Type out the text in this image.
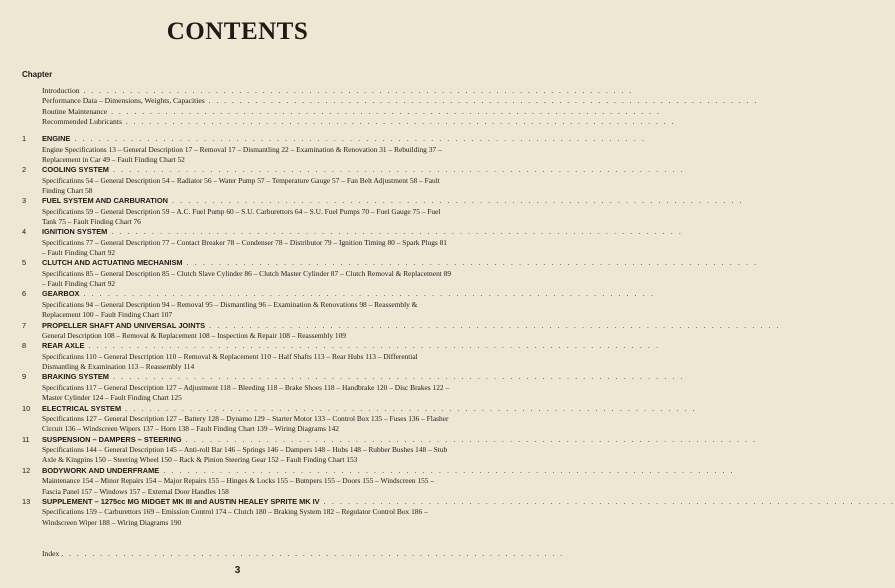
CONTENTS
Chapter
Introduction . . . . . . . . . . . . . . . . . . . . . . . . . . . . . . . . . . . . . . . . . . . . . . . . . . . . . . . . . . . . . . . . . . . . . . .
Performance Data – Dimensions, Weights, Capacities . . . . . . . . . . . . . . . . . . . . . . . . . . . . . . . . . . . . . . . . . . . . . . . . . . . . . . . . . . . . . . . . . . . . . . .
Routine Maintenance . . . . . . . . . . . . . . . . . . . . . . . . . . . . . . . . . . . . . . . . . . . . . . . . . . . . . . . . . . . . . . . . . . . . . . .
Recommended Lubricants . . . . . . . . . . . . . . . . . . . . . . . . . . . . . . . . . . . . . . . . . . . . . . . . . . . . . . . . . . . . . . . . . . . . . . .
1	ENGINE . . . . . . . . . . . . . . . . . . . . . . . . . . . . . . . . . . . . . . . . . . . . . . . . . . . . . . . . . . . . . . . . . . . . . . .
Engine Specifications 13 – General Description 17 – Removal 17 – Dismantling 22 – Examination & Renovation 31 – Rebuilding 37 – Replacement in Car 49 – Fault Finding Chart 52
2	COOLING SYSTEM . . . . . . . . . . . . . . . . . . . . . . . . . . . . . . . . . . . . . . . . . . . . . . . . . . . . . . . . . . . . . . . . . . . . . . .
Specifications 54 – General Description 54 – Radiator 56 – Water Pump 57 – Temperature Gauge 57 – Fan Belt Adjustment 58 – Fault Finding Chart 58
3	FUEL SYSTEM AND CARBURATION . . . . . . . . . . . . . . . . . . . . . . . . . . . . . . . . . . . . . . . . . . . . . . . . . . . . . . . . . . . . . . . . . . . . . . .
Specifications 59 – General Description 59 – A.C. Fuel Pump 60 – S.U. Carburettors 64 – S.U. Fuel Pumps 70 – Fuel Gauge 75 – Fuel Tank 75 – Fault Finding Chart 76
4	IGNITION SYSTEM . . . . . . . . . . . . . . . . . . . . . . . . . . . . . . . . . . . . . . . . . . . . . . . . . . . . . . . . . . . . . . . . . . . . . . .
Specifications 77 – General Description 77 – Contact Breaker 78 – Condenser 78 – Distributor 79 – Ignition Timing 80 – Spark Plugs 81 – Fault Finding Chart 92
5	CLUTCH AND ACTUATING MECHANISM . . . . . . . . . . . . . . . . . . . . . . . . . . . . . . . . . . . . . . . . . . . . . . . . . . . . . . . . . . . . . . . . . . . . . . .
Specifications 85 – General Description 85 – Clutch Slave Cylinder 86 – Clutch Master Cylinder 87 – Clutch Removal & Replacement 89 – Fault Finding Chart 92
6	GEARBOX . . . . . . . . . . . . . . . . . . . . . . . . . . . . . . . . . . . . . . . . . . . . . . . . . . . . . . . . . . . . . . . . . . . . . . .
Specifications 94 – General Description 94 – Removal 95 – Dismantling 96 – Examination & Renovations 98 – Reassembly & Replacement 100 – Fault Finding Chart 107
7	PROPELLER SHAFT AND UNIVERSAL JOINTS . . . . . . . . . . . . . . . . . . . . . . . . . . . . . . . . . . . . . . . . . . . . . . . . . . . . . . . . . . . . . . . . . . . . . . .
General Description 108 – Removal & Replacement 108 – Inspection & Repair 108 – Reassembly 109
8	REAR AXLE . . . . . . . . . . . . . . . . . . . . . . . . . . . . . . . . . . . . . . . . . . . . . . . . . . . . . . . . . . . . . . . . . . . . . . .
Specifications 110 – General Description 110 – Removal & Replacement 110 – Half Shafts 113 – Rear Hubs 113 – Differential Dismantling & Examination 113 – Reassembly 114
9	BRAKING SYSTEM . . . . . . . . . . . . . . . . . . . . . . . . . . . . . . . . . . . . . . . . . . . . . . . . . . . . . . . . . . . . . . . . . . . . . . .
Specifications 117 – General Description 127 – Adjustment 118 – Bleeding 118 – Brake Shoes 118 – Handbrake 120 – Disc Brakes 122 – Master Cylinder 124 – Fault Finding Chart 125
10	ELECTRICAL SYSTEM . . . . . . . . . . . . . . . . . . . . . . . . . . . . . . . . . . . . . . . . . . . . . . . . . . . . . . . . . . . . . . . . . . . . . . .
Specifications 127 – General Description 127 – Battery 128 – Dynamo 129 – Starter Motor 133 – Control Box 135 – Fuses 136 – Flasher Circuit 136 – Windscreen Wipers 137 – Horn 138 – Fault Finding Chart 139 – Wiring Diagrams 142
11	SUSPENSION – DAMPERS – STEERING . . . . . . . . . . . . . . . . . . . . . . . . . . . . . . . . . . . . . . . . . . . . . . . . . . . . . . . . . . . . . . . . . . . . . . .
Specifications 144 – General Description 145 – Anti-roll Bar 146 – Springs 146 – Dampers 148 – Hubs 148 – Rubber Bushes 148 – Stub Axle & Kingpins 150 – Steering Wheel 150 – Rack & Pinion Steering Gear 152 – Fault Finding Chart 153
12	BODYWORK AND UNDERFRAME . . . . . . . . . . . . . . . . . . . . . . . . . . . . . . . . . . . . . . . . . . . . . . . . . . . . . . . . . . . . . . . . . . . . . . .
Maintenance 154 – Minor Repairs 154 – Major Repairs 155 – Hinges & Locks 155 – Bumpers 155 – Doors 155 – Windscreen 155 – Fascia Panel 157 – Windows 157 – External Door Handles 158
13	SUPPLEMENT – 1275cc MG MIDGET MK III and AUSTIN HEALEY SPRITE MK IV . . . . . . . . . . . . . . . . . . . . . . . . . . . . . . . . . . . . . . . . . . . . . . . . . . . . . . . . . . . . . . . . . . . . . . .
Specifications 159 – Carburettors 169 – Emission Control 174 – Clutch 180 – Braking System 182 – Regulator Control Box 186 – Windscreen Wiper 188 – Wiring Diagrams 190
Index . . . . . . . . . . . . . . . . . . . . . . . . . . . . . . . . . . . . . . . . . . . . . . . . . . . . . . . . . . . . . . . . .
3
